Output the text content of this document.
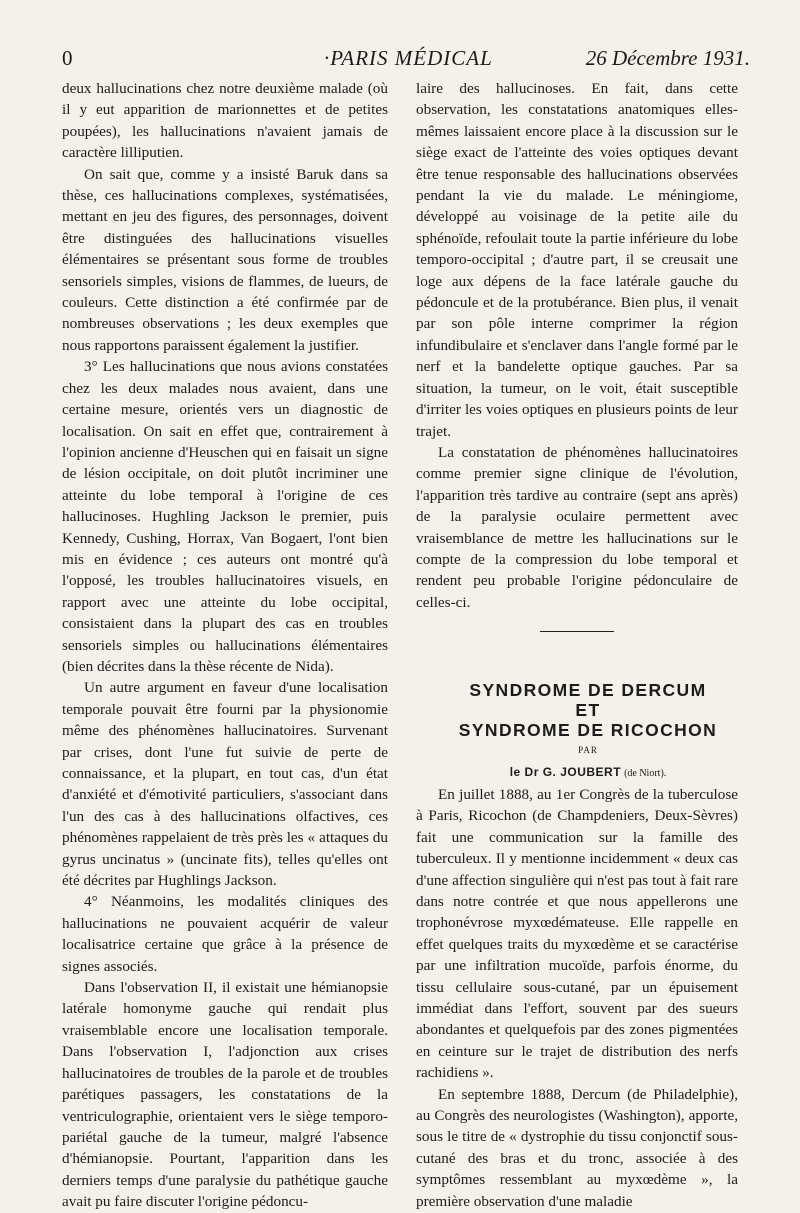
0	·PARIS MÉDICAL	26 Décembre 1931.

deux hallucinations chez notre deuxième malade (où il y eut apparition de marionnettes et de petites poupées), les hallucinations n'avaient jamais de caractère lilliputien.

On sait que, comme y a insisté Baruk dans sa thèse, ces hallucinations complexes, systématisées, mettant en jeu des figures, des personnages, doivent être distinguées des hallucinations visuelles élémentaires se présentant sous forme de troubles sensoriels simples, visions de flammes, de lueurs, de couleurs. Cette distinction a été confirmée par de nombreuses observations ; les deux exemples que nous rapportons paraissent également la justifier.

3° Les hallucinations que nous avions constatées chez les deux malades nous avaient, dans une certaine mesure, orientés vers un diagnostic de localisation. On sait en effet que, contrairement à l'opinion ancienne d'Heuschen qui en faisait un signe de lésion occipitale, on doit plutôt incriminer une atteinte du lobe temporal à l'origine de ces hallucinoses. Hughling Jackson le premier, puis Kennedy, Cushing, Horrax, Van Bogaert, l'ont bien mis en évidence ; ces auteurs ont montré qu'à l'opposé, les troubles hallucinatoires visuels, en rapport avec une atteinte du lobe occipital, consistaient dans la plupart des cas en troubles sensoriels simples ou hallucinations élémentaires (bien décrites dans la thèse récente de Nida).

Un autre argument en faveur d'une localisation temporale pouvait être fourni par la physionomie même des phénomènes hallucinatoires. Survenant par crises, dont l'une fut suivie de perte de connaissance, et la plupart, en tout cas, d'un état d'anxiété et d'émotivité particuliers, s'associant dans l'un des cas à des hallucinations olfactives, ces phénomènes rappelaient de très près les « attaques du gyrus uncinatus » (uncinate fits), telles qu'elles ont été décrites par Hughlings Jackson.

4° Néanmoins, les modalités cliniques des hallucinations ne pouvaient acquérir de valeur localisatrice certaine que grâce à la présence de signes associés.

Dans l'observation II, il existait une hémianopsie latérale homonyme gauche qui rendait plus vraisemblable encore une localisation temporale. Dans l'observation I, l'adjonction aux crises hallucinatoires de troubles de la parole et de troubles parétiques passagers, les constatations de la ventriculographie, orientaient vers le siège temporo-pariétal gauche de la tumeur, malgré l'absence d'hémianopsie. Pourtant, l'apparition dans les derniers temps d'une paralysie du pathétique gauche avait pu faire discuter l'origine pédoncu-

laire des hallucinoses. En fait, dans cette observation, les constatations anatomiques elles-mêmes laissaient encore place à la discussion sur le siège exact de l'atteinte des voies optiques devant être tenue responsable des hallucinations observées pendant la vie du malade. Le méningiome, développé au voisinage de la petite aile du sphénoïde, refoulait toute la partie inférieure du lobe temporo-occipital ; d'autre part, il se creusait une loge aux dépens de la face latérale gauche du pédoncule et de la protubérance. Bien plus, il venait par son pôle interne comprimer la région infundibulaire et s'enclaver dans l'angle formé par le nerf et la bandelette optique gauches. Par sa situation, la tumeur, on le voit, était susceptible d'irriter les voies optiques en plusieurs points de leur trajet.

La constatation de phénomènes hallucinatoires comme premier signe clinique de l'évolution, l'apparition très tardive au contraire (sept ans après) de la paralysie oculaire permettent avec vraisemblance de mettre les hallucinations sur le compte de la compression du lobe temporal et rendent peu probable l'origine pédonculaire de celles-ci.

SYNDROME DE DERCUM

ET

SYNDROME DE RICOCHON

PAR

le Dr G. JOUBERT (de Niort).

En juillet 1888, au 1er Congrès de la tuberculose à Paris, Ricochon (de Champdeniers, Deux-Sèvres) fait une communication sur la famille des tuberculeux. Il y mentionne incidemment « deux cas d'une affection singulière qui n'est pas tout à fait rare dans notre contrée et que nous appellerons une trophonévrose myxœdémateuse. Elle rappelle en effet quelques traits du myxœdème et se caractérise par une infiltration mucoïde, parfois énorme, du tissu cellulaire sous-cutané, par un épuisement immédiat dans l'effort, souvent par des sueurs abondantes et quelquefois par des zones pigmentées en ceinture sur le trajet de distribution des nerfs rachidiens ».

En septembre 1888, Dercum (de Philadelphie), au Congrès des neurologistes (Washington), apporte, sous le titre de « dystrophie du tissu conjonctif sous-cutané des bras et du tronc, associée à des symptômes ressemblant au myxœdème », la première observation d'une maladie
